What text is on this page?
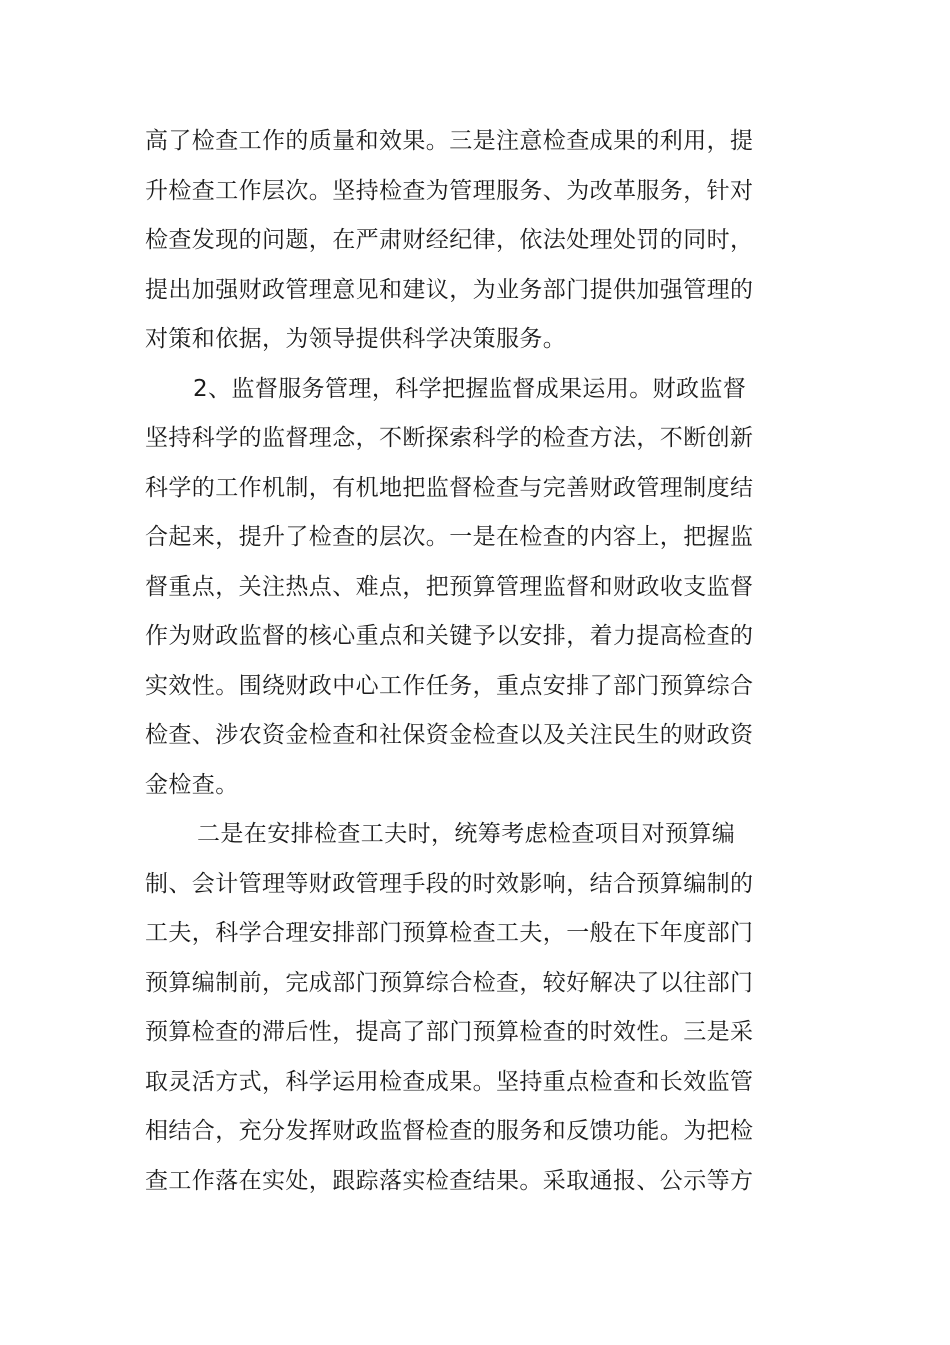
高了检查工作的质量和效果。三是注意检查成果的利用，提
升检查工作层次。坚持检查为管理服务、为改革服务，针对
检查发现的问题，在严肃财经纪律，依法处理处罚的同时，
提出加强财政管理意见和建议，为业务部门提供加强管理的
对策和依据，为领导提供科学决策服务。
2、监督服务管理，科学把握监督成果运用。财政监督
坚持科学的监督理念，不断探索科学的检查方法，不断创新
科学的工作机制，有机地把监督检查与完善财政管理制度结
合起来，提升了检查的层次。一是在检查的内容上，把握监
督重点，关注热点、难点，把预算管理监督和财政收支监督
作为财政监督的核心重点和关键予以安排，着力提高检查的
实效性。围绕财政中心工作任务，重点安排了部门预算综合
检查、涉农资金检查和社保资金检查以及关注民生的财政资
金检查。
二是在安排检查工夫时，统筹考虑检查项目对预算编
制、会计管理等财政管理手段的时效影响，结合预算编制的
工夫，科学合理安排部门预算检查工夫，一般在下年度部门
预算编制前，完成部门预算综合检查，较好解决了以往部门
预算检查的滞后性，提高了部门预算检查的时效性。三是采
取灵活方式，科学运用检查成果。坚持重点检查和长效监管
相结合，充分发挥财政监督检查的服务和反馈功能。为把检
查工作落在实处，跟踪落实检查结果。采取通报、公示等方
